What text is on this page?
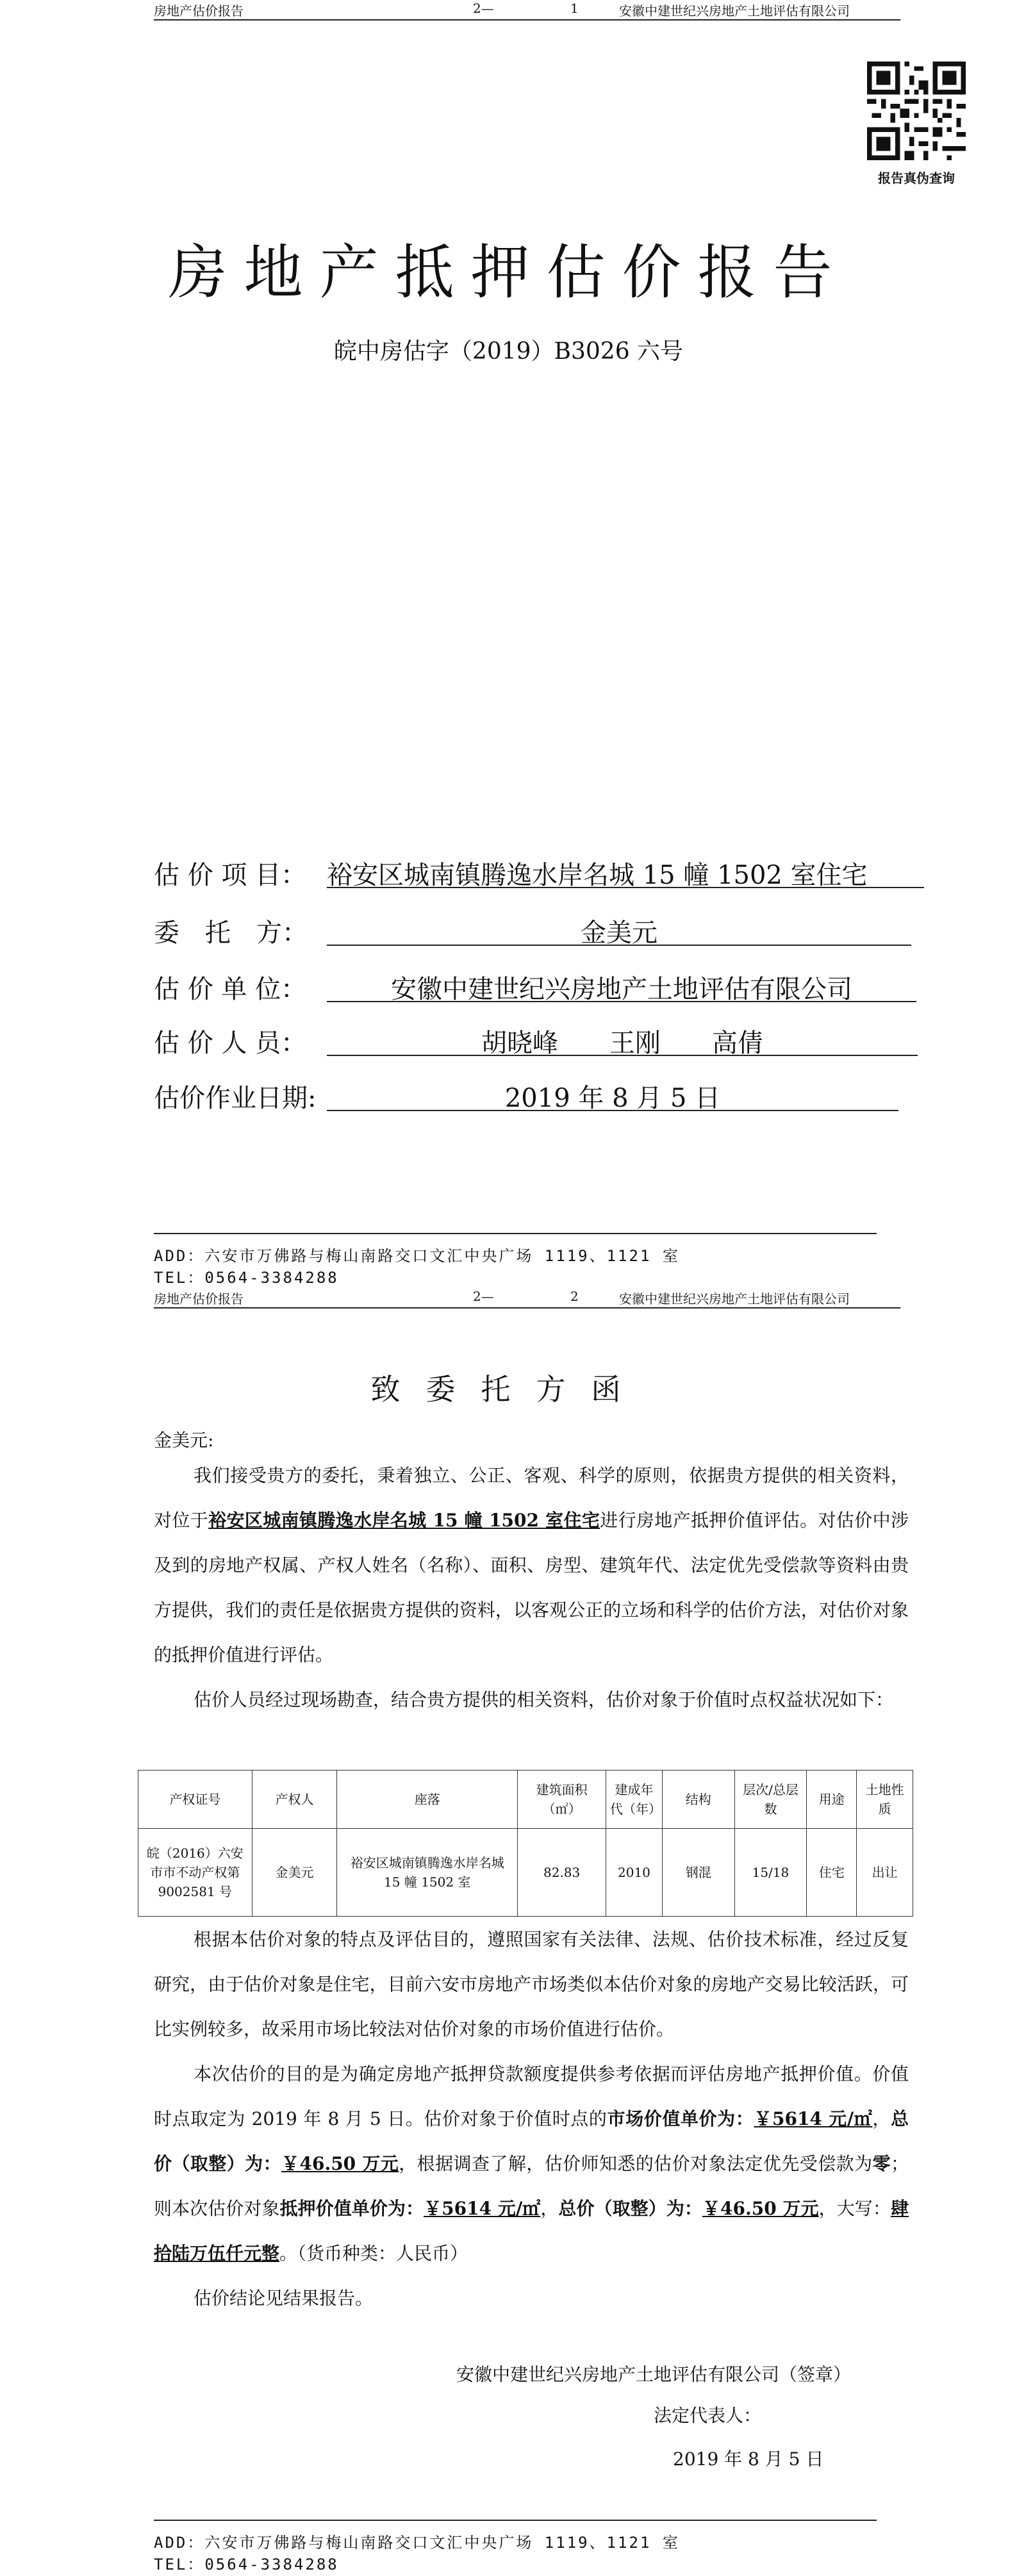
房地产估价报告	2—	1	安徽中建世纪兴房地产土地评估有限公司
报告真伪查询
房地产抵押估价报告
皖中房估字（2019）B3026 六号
估 价 项 目： 裕安区城南镇腾逸水岸名城 15 幢 1502 室住宅
委　托　方：	金美元
估 价 单 位：	安徽中建世纪兴房地产土地评估有限公司
估 价 人 员：	胡晓峰　　王刚　　高倩
估价作业日期:	2019 年 8 月 5 日
ADD：六安市万佛路与梅山南路交口文汇中央广场 1119、1121 室
TEL：0564-3384288
房地产估价报告	2—	2	安徽中建世纪兴房地产土地评估有限公司
致委托方函
金美元:

我们接受贵方的委托，秉着独立、公正、客观、科学的原则，依据贵方提供的相关资料，对位于裕安区城南镇腾逸水岸名城 15 幢 1502 室住宅进行房地产抵押价值评估。对估价中涉及到的房地产权属、产权人姓名（名称）、面积、房型、建筑年代、法定优先受偿款等资料由贵方提供，我们的责任是依据贵方提供的资料，以客观公正的立场和科学的估价方法，对估价对象的抵押价值进行评估。

估价人员经过现场勘查，结合贵方提供的相关资料，估价对象于价值时点权益状况如下：

产权证号	产权人	座落	建筑面积（㎡）	建成年代（年）	结构	层次/总层数	用途	土地性质
皖（2016）六安市市不动产权第 9002581 号	金美元	裕安区城南镇腾逸水岸名城 15 幢 1502 室	82.83	2010	钢混	15/18	住宅	出让

根据本估价对象的特点及评估目的，遵照国家有关法律、法规、估价技术标准，经过反复研究，由于估价对象是住宅，目前六安市房地产市场类似本估价对象的房地产交易比较活跃，可比实例较多，故采用市场比较法对估价对象的市场价值进行估价。

本次估价的目的是为确定房地产抵押贷款额度提供参考依据而评估房地产抵押价值。价值时点取定为 2019 年 8 月 5 日。估价对象于价值时点的市场价值单价为：￥5614 元/㎡，总价（取整）为：￥46.50 万元，根据调查了解，估价师知悉的估价对象法定优先受偿款为零；则本次估价对象抵押价值单价为：￥5614 元/㎡，总价（取整）为：￥46.50 万元，大写：肆拾陆万伍仟元整。（货币种类：人民币）

估价结论见结果报告。

安徽中建世纪兴房地产土地评估有限公司（签章）
法定代表人：
2019 年 8 月 5 日
ADD：六安市万佛路与梅山南路交口文汇中央广场 1119、1121 室
TEL：0564-3384288
